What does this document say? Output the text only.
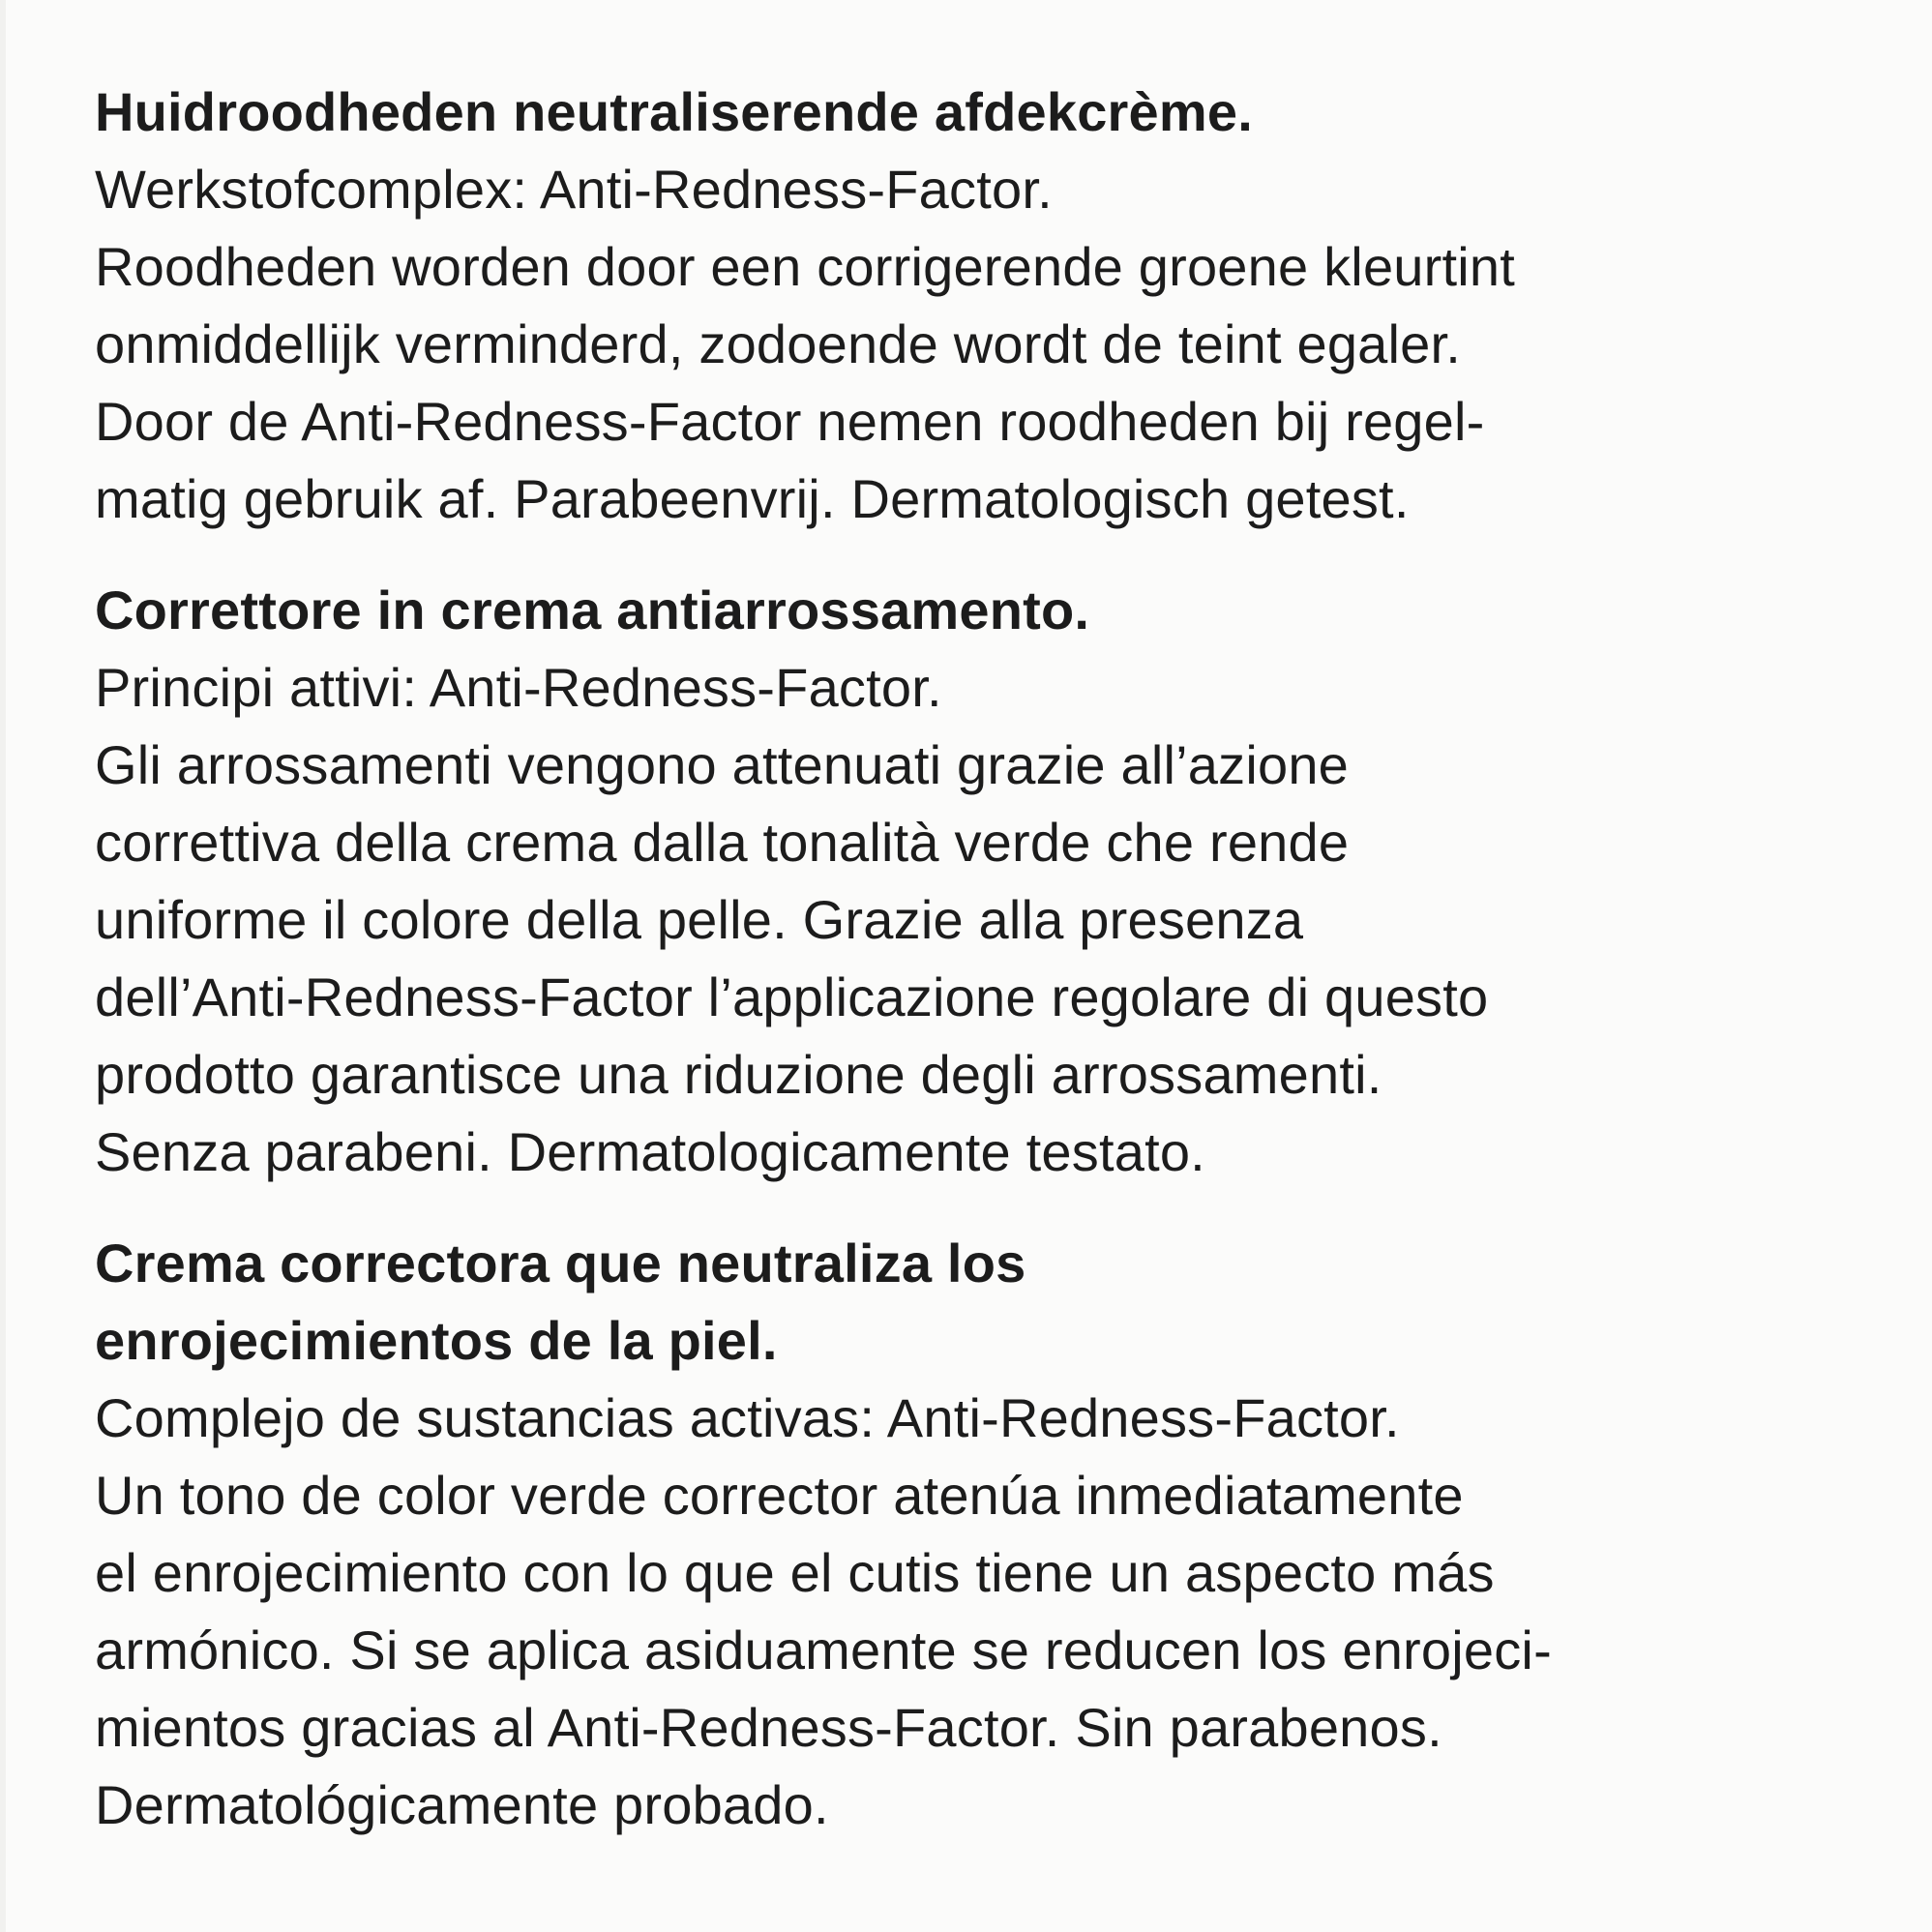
Huidroodheden neutraliserende afdekcrème.
Werkstofcomplex: Anti-Redness-Factor.
Roodheden worden door een corrigerende groene kleurtint
onmiddellijk verminderd, zodoende wordt de teint egaler.
Door de Anti-Redness-Factor nemen roodheden bij regel-
matig gebruik af. Parabeenvrij. Dermatologisch getest.
Correttore in crema antiarrossamento.
Principi attivi: Anti-Redness-Factor.
Gli arrossamenti vengono attenuati grazie all’azione
correttiva della crema dalla tonalità verde che rende
uniforme il colore della pelle. Grazie alla presenza
dell’Anti-Redness-Factor l’applicazione regolare di questo
prodotto garantisce una riduzione degli arrossamenti.
Senza parabeni. Dermatologicamente testato.
Crema correctora que neutraliza los
enrojecimientos de la piel.
Complejo de sustancias activas: Anti-Redness-Factor.
Un tono de color verde corrector atenúa inmediatamente
el enrojecimiento con lo que el cutis tiene un aspecto más
armónico. Si se aplica asiduamente se reducen los enrojeci-
mientos gracias al Anti-Redness-Factor. Sin parabenos.
Dermatológicamente probado.
